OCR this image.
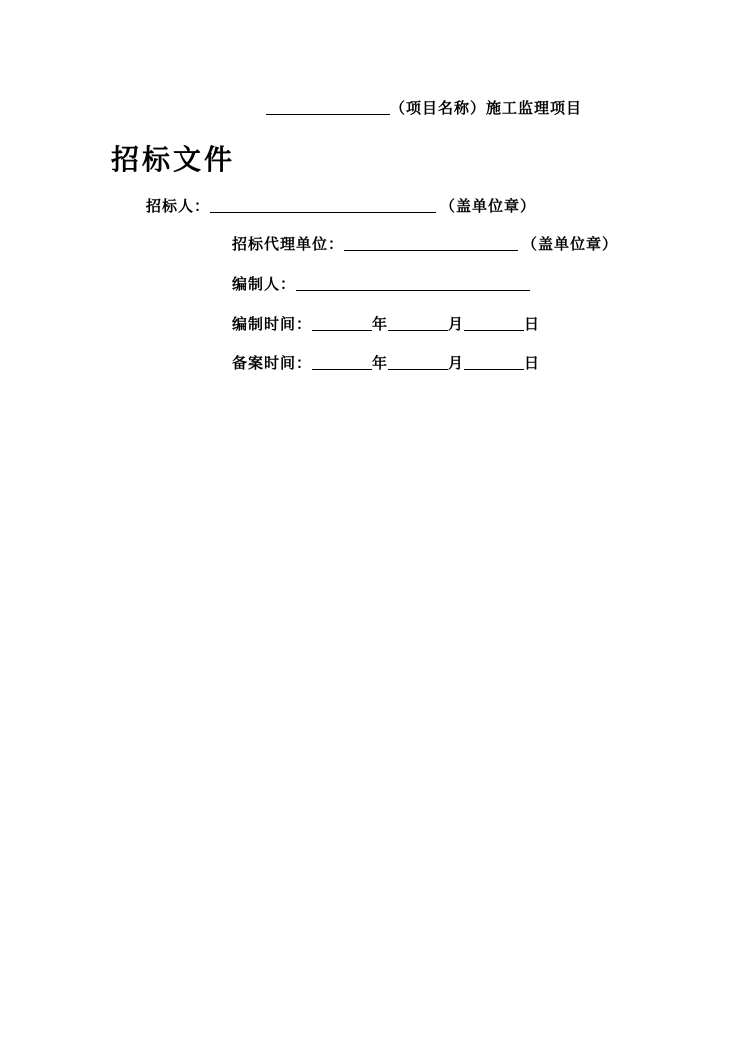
（项目名称）施工监理项目
招标文件
招标人：	（盖单位章）
招标代理单位：	（盖单位章）
编制人：
编制时间：	年	月	日
备案时间：	年	月	日
